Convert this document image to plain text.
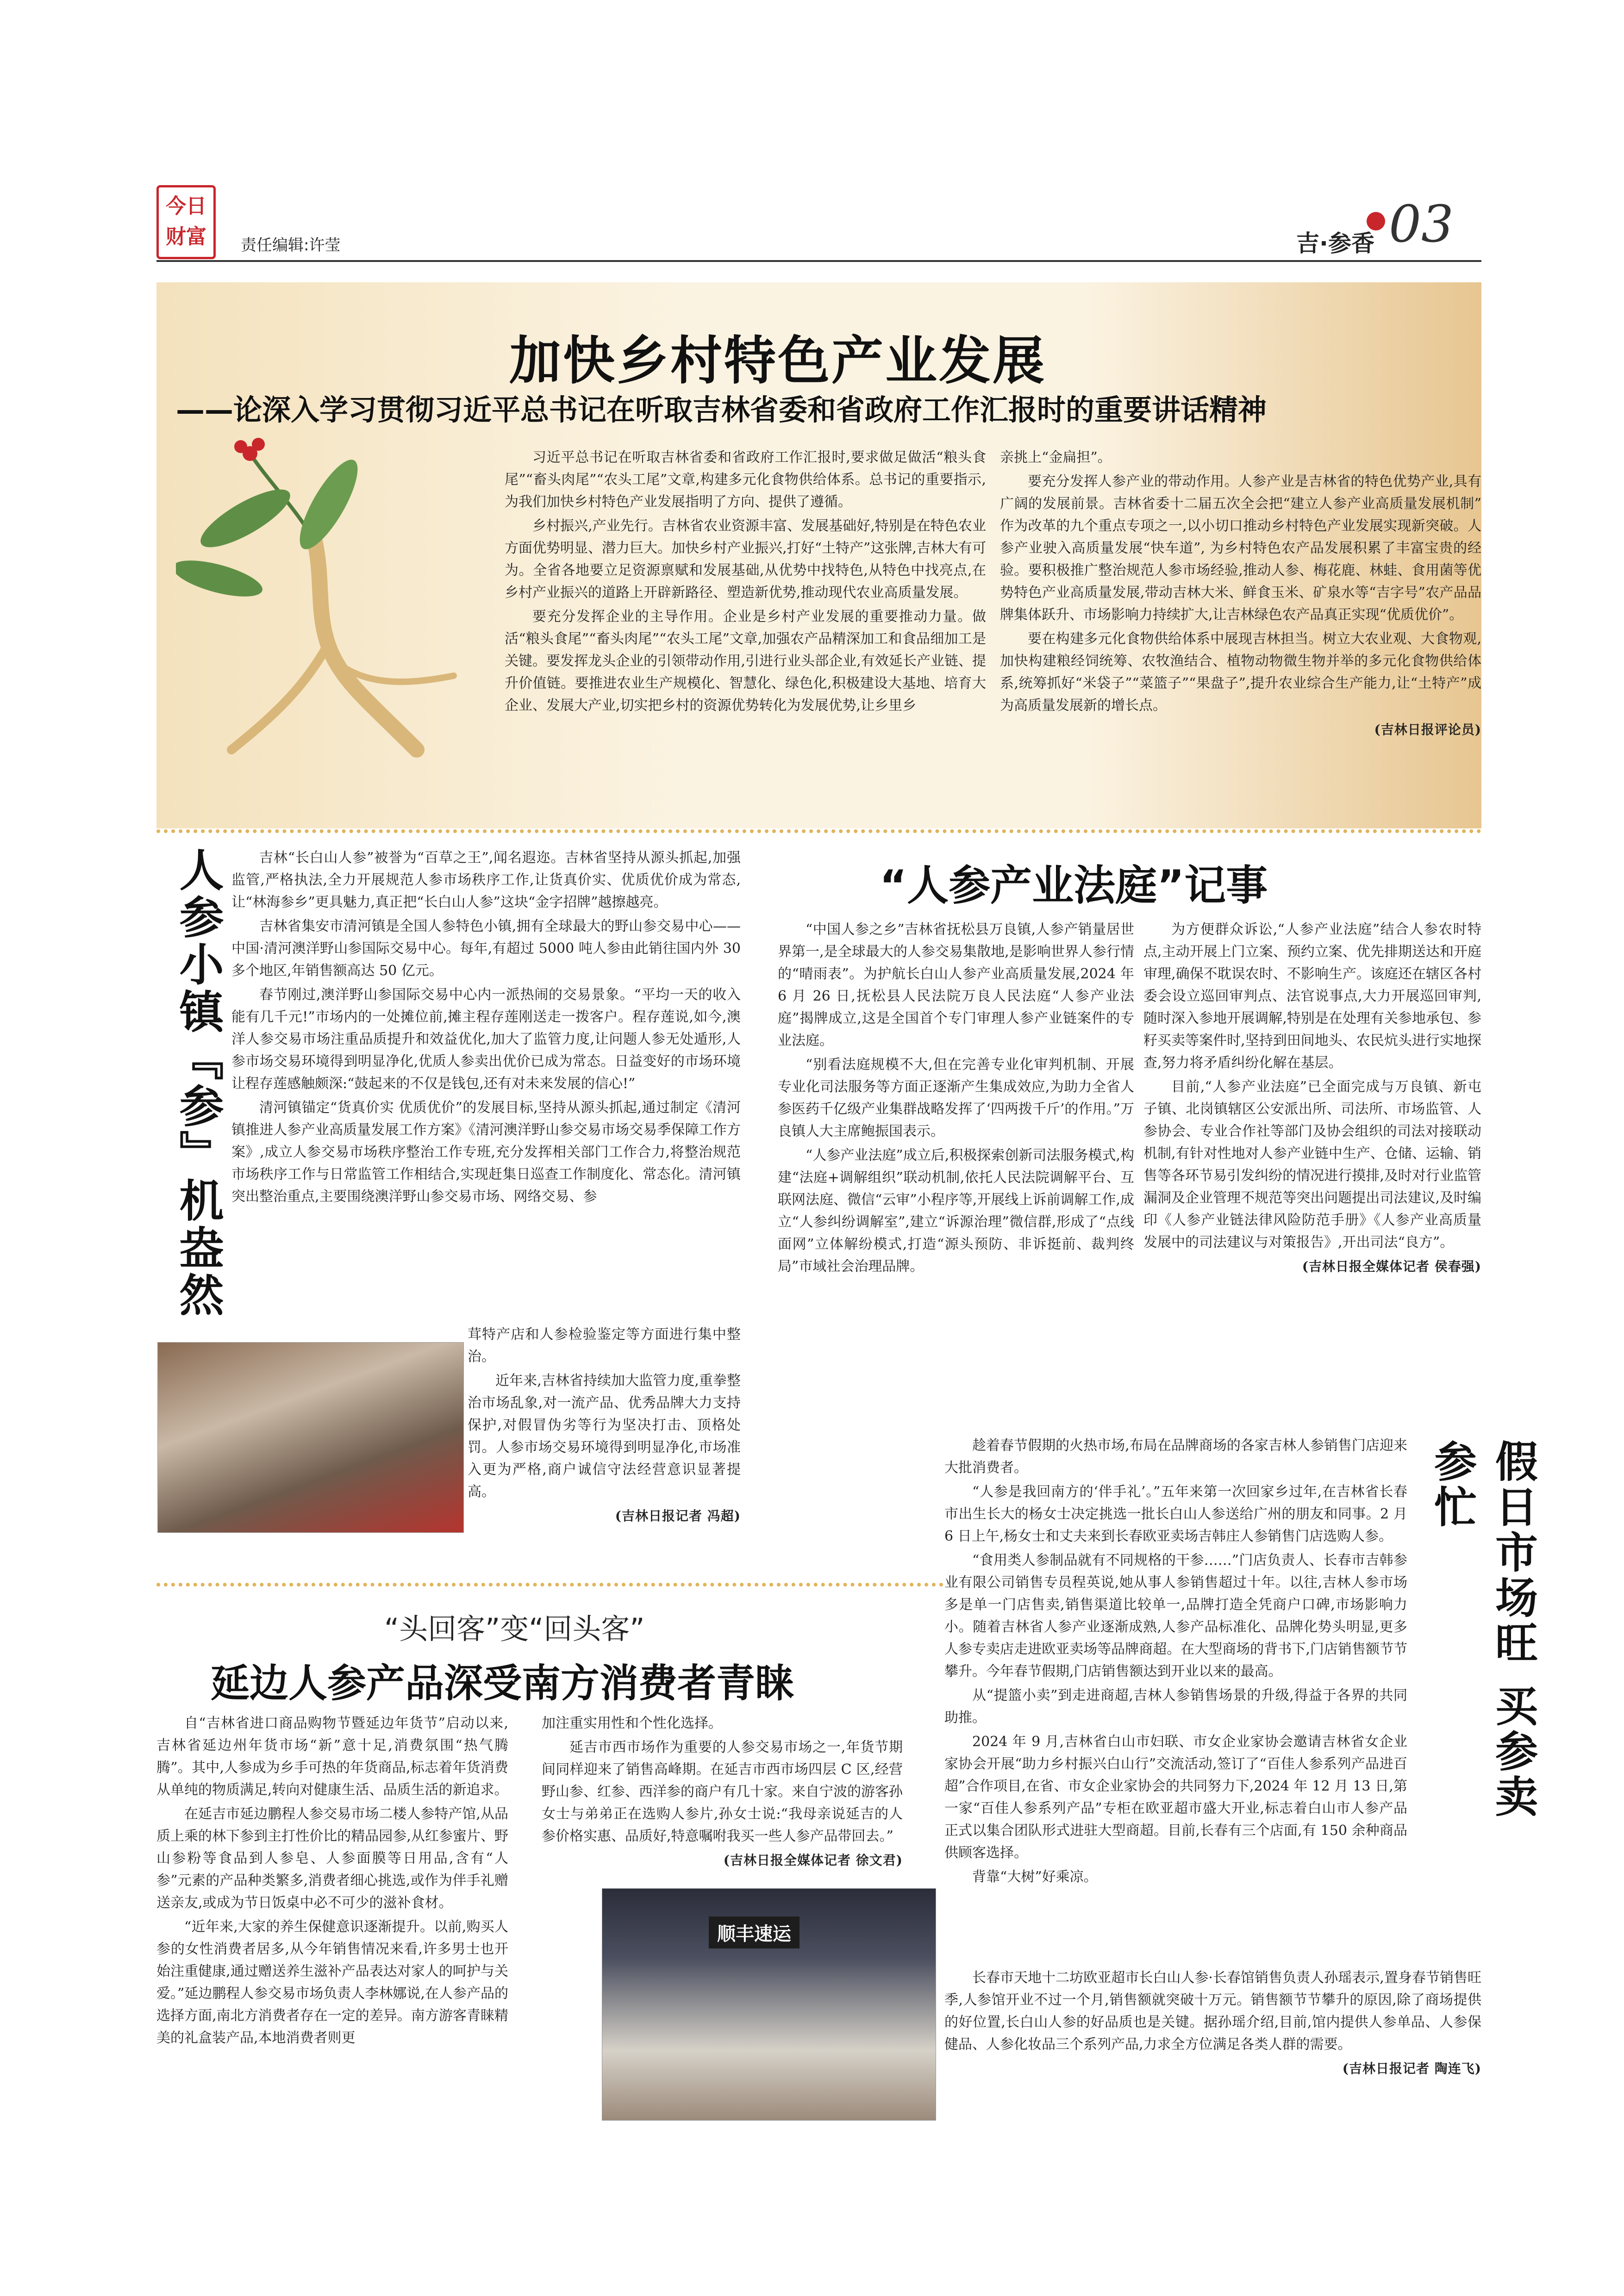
今日财富 责任编辑:许莹	吉·参香 03
加快乡村特色产业发展
——论深入学习贯彻习近平总书记在听取吉林省委和省政府工作汇报时的重要讲话精神

习近平总书记在听取吉林省委和省政府工作汇报时,要求做足做活“粮头食尾”“畜头肉尾”“农头工尾”文章,构建多元化食物供给体系。总书记的重要指示,为我们加快乡村特色产业发展指明了方向、提供了遵循。

乡村振兴,产业先行。吉林省农业资源丰富、发展基础好,特别是在特色农业方面优势明显、潜力巨大。加快乡村产业振兴,打好“土特产”这张牌,吉林大有可为。全省各地要立足资源禀赋和发展基础,从优势中找特色,从特色中找亮点,在乡村产业振兴的道路上开辟新路径、塑造新优势,推动现代农业高质量发展。

要充分发挥企业的主导作用。企业是乡村产业发展的重要推动力量。做活“粮头食尾”“畜头肉尾”“农头工尾”文章,加强农产品精深加工和食品细加工是关键。要发挥龙头企业的引领带动作用,引进行业头部企业,有效延长产业链、提升价值链。要推进农业生产规模化、智慧化、绿色化,积极建设大基地、培育大企业、发展大产业,切实把乡村的资源优势转化为发展优势,让乡里乡

亲挑上“金扁担”。

要充分发挥人参产业的带动作用。人参产业是吉林省的特色优势产业,具有广阔的发展前景。吉林省委十二届五次全会把“建立人参产业高质量发展机制” 作为改革的九个重点专项之一,以小切口推动乡村特色产业发展实现新突破。人参产业驶入高质量发展“快车道”, 为乡村特色农产品发展积累了丰富宝贵的经验。要积极推广整治规范人参市场经验,推动人参、梅花鹿、林蛙、食用菌等优势特色产业高质量发展,带动吉林大米、鲜食玉米、矿泉水等“吉字号”农产品品牌集体跃升、市场影响力持续扩大,让吉林绿色农产品真正实现“优质优价”。

要在构建多元化食物供给体系中展现吉林担当。树立大农业观、大食物观,加快构建粮经饲统筹、农牧渔结合、植物动物微生物并举的多元化食物供给体系,统筹抓好“米袋子”“菜篮子”“果盘子”,提升农业综合生产能力,让“土特产”成为高质量发展新的增长点。

(吉林日报评论员)
人参小镇『参』机盎然	吉林“长白山人参”被誉为“百草之王”,闻名遐迩。吉林省坚持从源头抓起,加强监管,严格执法,全力开展规范人参市场秩序工作,让货真价实、优质优价成为常态,让“林海参乡”更具魅力,真正把“长白山人参”这块“金字招牌”越擦越亮。

吉林省集安市清河镇是全国人参特色小镇,拥有全球最大的野山参交易中心——中国·清河澳洋野山参国际交易中心。每年,有超过 5000 吨人参由此销往国内外 30 多个地区,年销售额高达 50 亿元。

春节刚过,澳洋野山参国际交易中心内一派热闹的交易景象。“平均一天的收入能有几千元!”市场内的一处摊位前,摊主程存莲刚送走一拨客户。程存莲说,如今,澳洋人参交易市场注重品质提升和效益优化,加大了监管力度,让问题人参无处遁形,人参市场交易环境得到明显净化,优质人参卖出优价已成为常态。日益变好的市场环境让程存莲感触颇深:“鼓起来的不仅是钱包,还有对未来发展的信心!”

清河镇锚定“货真价实 优质优价”的发展目标,坚持从源头抓起,通过制定《清河镇推进人参产业高质量发展工作方案》《清河澳洋野山参交易市场交易季保障工作方案》,成立人参交易市场秩序整治工作专班,充分发挥相关部门工作合力,将整治规范市场秩序工作与日常监管工作相结合,实现赶集日巡查工作制度化、常态化。清河镇突出整治重点,主要围绕澳洋野山参交易市场、网络交易、参

茸特产店和人参检验鉴定等方面进行集中整治。

近年来,吉林省持续加大监管力度,重拳整治市场乱象,对一流产品、优秀品牌大力支持保护,对假冒伪劣等行为坚决打击、顶格处罚。人参市场交易环境得到明显净化,市场准入更为严格,商户诚信守法经营意识显著提高。

(吉林日报记者 冯超)
“人参产业法庭”记事

“中国人参之乡”吉林省抚松县万良镇,人参产销量居世界第一,是全球最大的人参交易集散地,是影响世界人参行情的“晴雨表”。为护航长白山人参产业高质量发展,2024 年 6 月 26 日,抚松县人民法院万良人民法庭“人参产业法庭”揭牌成立,这是全国首个专门审理人参产业链案件的专业法庭。

“别看法庭规模不大,但在完善专业化审判机制、开展专业化司法服务等方面正逐渐产生集成效应,为助力全省人参医药千亿级产业集群战略发挥了‘四两拨千斤’的作用。”万良镇人大主席鲍振国表示。

“人参产业法庭”成立后,积极探索创新司法服务模式,构建“法庭+调解组织”联动机制,依托人民法院调解平台、互联网法庭、微信“云审”小程序等,开展线上诉前调解工作,成立“人参纠纷调解室”,建立“诉源治理”微信群,形成了“点线面网”立体解纷模式,打造“源头预防、非诉挺前、裁判终局”市域社会治理品牌。

为方便群众诉讼,“人参产业法庭”结合人参农时特点,主动开展上门立案、预约立案、优先排期送达和开庭审理,确保不耽误农时、不影响生产。该庭还在辖区各村委会设立巡回审判点、法官说事点,大力开展巡回审判,随时深入参地开展调解,特别是在处理有关参地承包、参籽买卖等案件时,坚持到田间地头、农民炕头进行实地探查,努力将矛盾纠纷化解在基层。

目前,“人参产业法庭”已全面完成与万良镇、新屯子镇、北岗镇辖区公安派出所、司法所、市场监管、人参协会、专业合作社等部门及协会组织的司法对接联动机制,有针对性地对人参产业链中生产、仓储、运输、销售等各环节易引发纠纷的情况进行摸排,及时对行业监管漏洞及企业管理不规范等突出问题提出司法建议,及时编印《人参产业链法律风险防范手册》《人参产业高质量发展中的司法建议与对策报告》,开出司法“良方”。

(吉林日报全媒体记者 侯春强)
假日市场旺 买参卖参忙

趁着春节假期的火热市场,布局在品牌商场的各家吉林人参销售门店迎来大批消费者。

“人参是我回南方的‘伴手礼’。”五年来第一次回家乡过年,在吉林省长春市出生长大的杨女士决定挑选一批长白山人参送给广州的朋友和同事。2 月 6 日上午,杨女士和丈夫来到长春欧亚卖场吉韩庄人参销售门店选购人参。

“食用类人参制品就有不同规格的干参……”门店负责人、长春市吉韩参业有限公司销售专员程英说,她从事人参销售超过十年。以往,吉林人参市场多是单一门店售卖,销售渠道比较单一,品牌打造全凭商户口碑,市场影响力小。随着吉林省人参产业逐渐成熟,人参产品标准化、品牌化势头明显,更多人参专卖店走进欧亚卖场等品牌商超。在大型商场的背书下,门店销售额节节攀升。今年春节假期,门店销售额达到开业以来的最高。

从“提篮小卖”到走进商超,吉林人参销售场景的升级,得益于各界的共同助推。

2024 年 9 月,吉林省白山市妇联、市女企业家协会邀请吉林省女企业家协会开展“助力乡村振兴白山行”交流活动,签订了“百佳人参系列产品进百超”合作项目,在省、市女企业家协会的共同努力下,2024 年 12 月 13 日,第一家“百佳人参系列产品”专柜在欧亚超市盛大开业,标志着白山市人参产品正式以集合团队形式进驻大型商超。目前,长春有三个店面,有 150 余种商品供顾客选择。

背靠“大树”好乘凉。

长春市天地十二坊欧亚超市长白山人参·长春馆销售负责人孙瑶表示,置身春节销售旺季,人参馆开业不过一个月,销售额就突破十万元。销售额节节攀升的原因,除了商场提供的好位置,长白山人参的好品质也是关键。据孙瑶介绍,目前,馆内提供人参单品、人参保健品、人参化妆品三个系列产品,力求全方位满足各类人群的需要。

(吉林日报记者 陶连飞)
“头回客”变“回头客”
延边人参产品深受南方消费者青睐

自“吉林省进口商品购物节暨延边年货节”启动以来,吉林省延边州年货市场“新”意十足,消费氛围“热气腾腾”。其中,人参成为乡手可热的年货商品,标志着年货消费从单纯的物质满足,转向对健康生活、品质生活的新追求。

在延吉市延边鹏程人参交易市场二楼人参特产馆,从品质上乘的林下参到主打性价比的精品园参,从红参蜜片、野山参粉等食品到人参皂、人参面膜等日用品,含有“人参”元素的产品种类繁多,消费者细心挑选,或作为伴手礼赠送亲友,或成为节日饭桌中必不可少的滋补食材。

“近年来,大家的养生保健意识逐渐提升。以前,购买人参的女性消费者居多,从今年销售情况来看,许多男士也开始注重健康,通过赠送养生滋补产品表达对家人的呵护与关爱。”延边鹏程人参交易市场负责人李林娜说,在人参产品的选择方面,南北方消费者存在一定的差异。南方游客青睐精美的礼盒装产品,本地消费者则更

加注重实用性和个性化选择。

延吉市西市场作为重要的人参交易市场之一,年货节期间同样迎来了销售高峰期。在延吉市西市场四层 C 区,经营野山参、红参、西洋参的商户有几十家。来自宁波的游客孙女士与弟弟正在选购人参片,孙女士说:“我母亲说延吉的人参价格实惠、品质好,特意嘱咐我买一些人参产品带回去。”

(吉林日报全媒体记者 徐文君)
顺丰速运
